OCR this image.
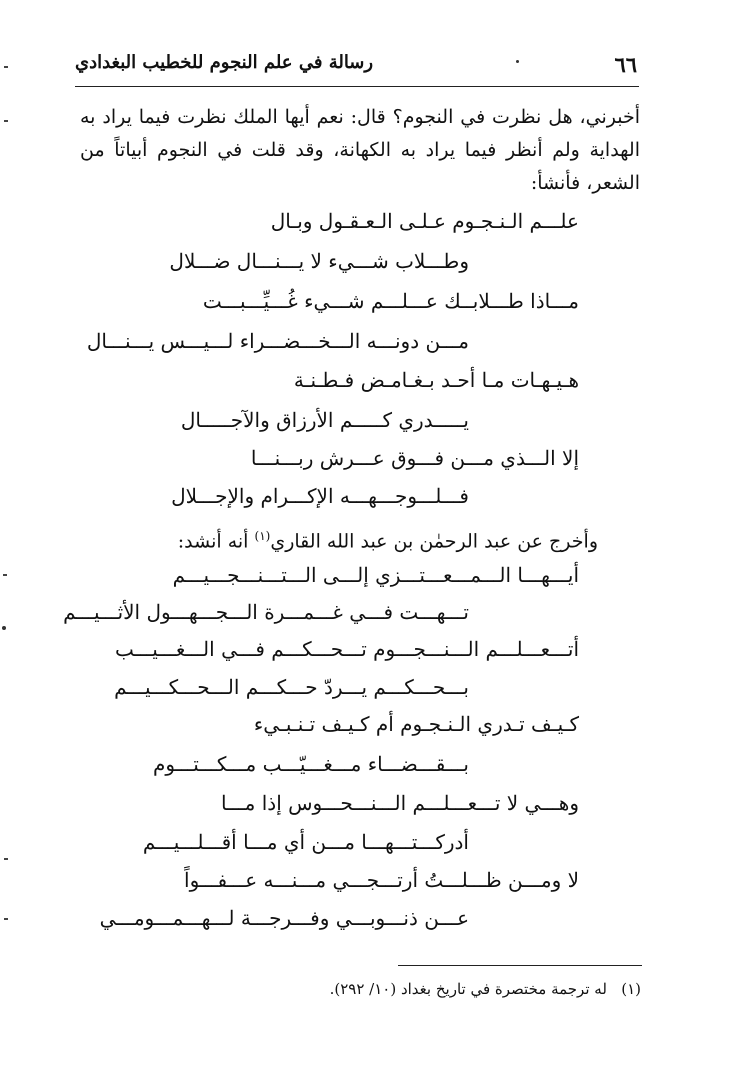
٦٦
رسالة في علم النجوم للخطيب البغدادي
أخبرني، هل نظرت في النجوم؟ قال: نعم أيها الملك نظرت فيما يراد به الهداية ولم أنظر فيما يراد به الكهانة، وقد قلت في النجوم أبياتاً من الشعر، فأنشأ:
علـــم الـنـجـوم عـلـى الـعـقـول وبـال
وطـــلاب شـــيء لا يـــنـــال ضـــلال
مـــاذا طـــلابــك عـــلـــم شـــيء غُـــيِّـــبـــت
مـــن دونـــه الـــخـــضـــراء لـــيـــس يـــنـــال
هـيـهـات مـا أحـد بـغـامـض فـطـنـة
يـــــدري كـــــم الأرزاق والآجـــــال
إلا الـــذي مـــن فـــوق عـــرش ربـــنـــا
فـــلـــوجـــهـــه الإكـــرام والإجـــلال
وأخرج عن عبد الرحمٰن بن عبد الله القاري$^{(١)}$ أنه أنشد:
أيـــهـــا الـــمـــعـــتـــزي إلـــى الـــتـــنـــجـــيـــم
تـــهـــت فـــي غـــمـــرة الـــجـــهـــول الأثـــيـــم
أتـــعـــلـــم الـــنـــجـــوم تـــحـــكـــم فـــي الـــغـــيـــب
بـــحـــكـــم يـــردّ حـــكـــم الـــحـــكـــيـــم
كـيـف تـدري الـنـجـوم أم كـيـف تـنـبـيء
بـــقـــضـــاء مـــغـــيّـــب مـــكـــتـــوم
وهـــي لا تـــعـــلـــم الـــنـــحـــوس إذا مـــا
أدركـــتـــهـــا مـــن أي مـــا أقـــلـــيـــم
لا ومـــن ظـــلـــتُ أرتـــجـــي مـــنـــه عـــفـــواً
عـــن ذنـــوبـــي وفـــرجـــة لـــهـــمـــومـــي
(١)   له ترجمة مختصرة في تاريخ بغداد (١٠/ ٢٩٢).
